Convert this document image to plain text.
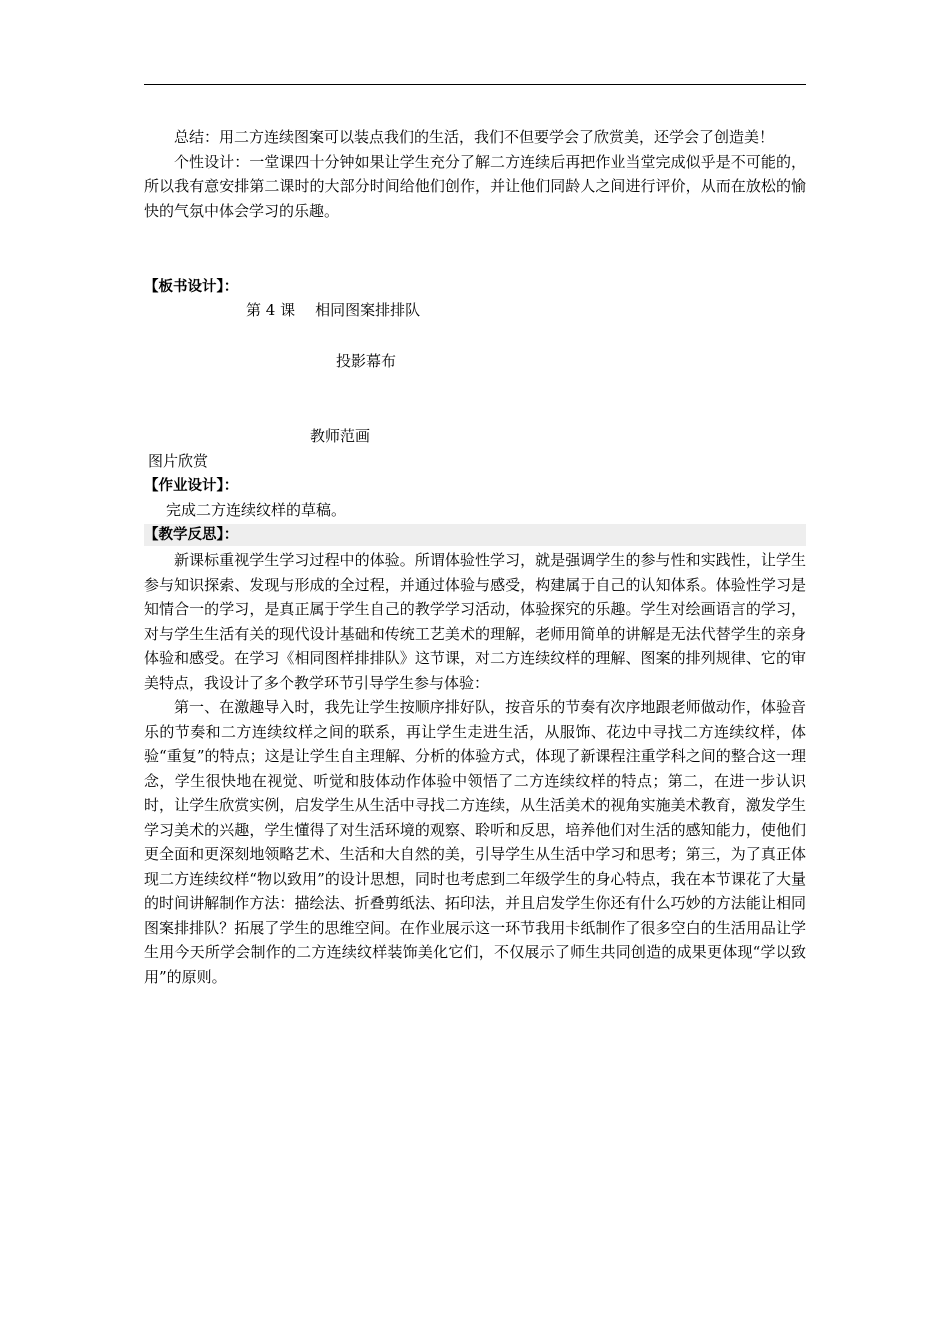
总结：用二方连续图案可以装点我们的生活，我们不但要学会了欣赏美，还学会了创造美！

个性设计：一堂课四十分钟如果让学生充分了解二方连续后再把作业当堂完成似乎是不可能的，所以我有意安排第二课时的大部分时间给他们创作，并让他们同龄人之间进行评价，从而在放松的愉快的气氛中体会学习的乐趣。

【板书设计】：
第 4 课 相同图案排排队
投影幕布
教师范画
图片欣赏
【作业设计】：
完成二方连续纹样的草稿。
【教学反思】：

新课标重视学生学习过程中的体验。所谓体验性学习，就是强调学生的参与性和实践性，让学生参与知识探索、发现与形成的全过程，并通过体验与感受，构建属于自己的认知体系。体验性学习是知情合一的学习，是真正属于学生自己的教学学习活动，体验探究的乐趣。学生对绘画语言的学习，对与学生生活有关的现代设计基础和传统工艺美术的理解，老师用简单的讲解是无法代替学生的亲身体验和感受。在学习《相同图样排排队》这节课，对二方连续纹样的理解、图案的排列规律、它的审美特点，我设计了多个教学环节引导学生参与体验：

第一、在激趣导入时，我先让学生按顺序排好队，按音乐的节奏有次序地跟老师做动作，体验音乐的节奏和二方连续纹样之间的联系，再让学生走进生活，从服饰、花边中寻找二方连续纹样，体验“重复”的特点；这是让学生自主理解、分析的体验方式，体现了新课程注重学科之间的整合这一理念，学生很快地在视觉、听觉和肢体动作体验中领悟了二方连续纹样的特点；第二，在进一步认识时，让学生欣赏实例，启发学生从生活中寻找二方连续，从生活美术的视角实施美术教育，激发学生学习美术的兴趣，学生懂得了对生活环境的观察、聆听和反思，培养他们对生活的感知能力，使他们更全面和更深刻地领略艺术、生活和大自然的美，引导学生从生活中学习和思考；第三，为了真正体现二方连续纹样“物以致用”的设计思想，同时也考虑到二年级学生的身心特点，我在本节课花了大量的时间讲解制作方法：描绘法、折叠剪纸法、拓印法，并且启发学生你还有什么巧妙的方法能让相同图案排排队？拓展了学生的思维空间。在作业展示这一环节我用卡纸制作了很多空白的生活用品让学生用今天所学会制作的二方连续纹样装饰美化它们，不仅展示了师生共同创造的成果更体现“学以致用”的原则。
